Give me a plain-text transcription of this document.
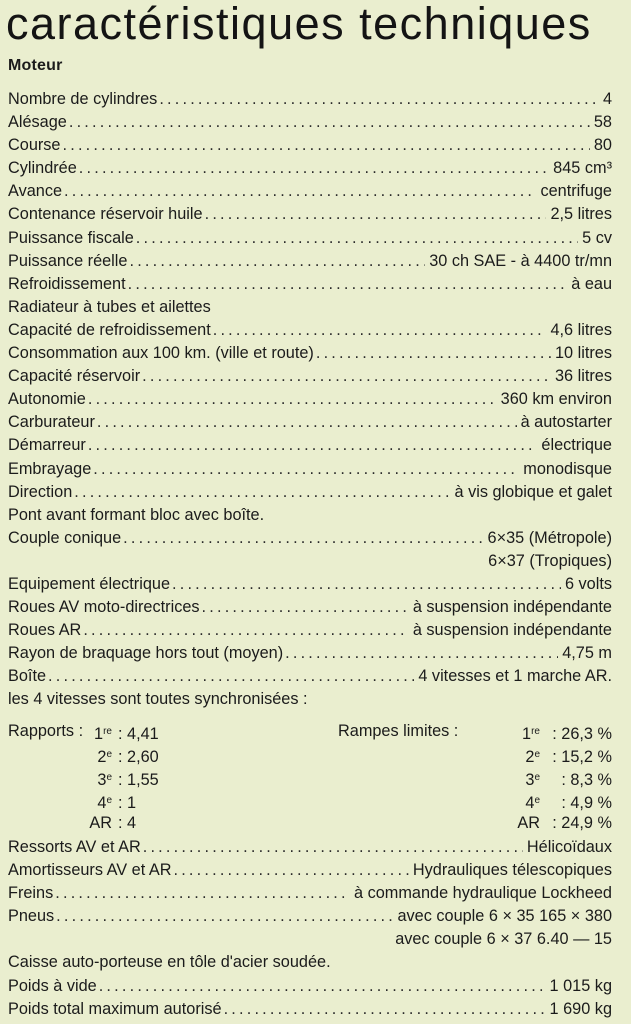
caractéristiques techniques
Moteur
Nombre de cylindres .....	4
Alésage .....	58
Course .....	80
Cylindrée .....	845 cm³
Avance .....	centrifuge
Contenance réservoir huile .....	2,5 litres
Puissance fiscale .....	5 cv
Puissance réelle .....	30 ch SAE - à 4400 tr/mn
Refroidissement .....	à eau
Radiateur à tubes et ailettes
Capacité de refroidissement .....	4,6 litres
Consommation aux 100 km. (ville et route) .....	10 litres
Capacité réservoir .....	36 litres
Autonomie .....	360 km environ
Carburateur .....	à autostarter
Démarreur .....	électrique
Embrayage .....	monodisque
Direction .....	à vis globique et galet
Pont avant formant bloc avec boîte.
Couple conique .....	6×35 (Métropole)
6×37 (Tropiques)
Equipement électrique .....	6 volts
Roues AV moto-directrices .....	à suspension indépendante
Roues AR .....	à suspension indépendante
Rayon de braquage hors tout (moyen) .....	4,75 m
Boîte .....	4 vitesses et 1 marche AR.
les 4 vitesses sont toutes synchronisées :
Rapports :	Rampes limites :
1re : 4,41	1re : 26,3 %
2e : 2,60	2e : 15,2 %
3e : 1,55	3e : 8,3 %
4e : 1	4e : 4,9 %
AR : 4	AR : 24,9 %
Ressorts AV et AR .....	Hélicoïdaux
Amortisseurs AV et AR .....	Hydrauliques télescopiques
Freins .....	à commande hydraulique Lockheed
Pneus .....	avec couple 6 × 35 165 × 380
avec couple 6 × 37 6.40 — 15
Caisse auto-porteuse en tôle d'acier soudée.
Poids à vide .....	1 015 kg
Poids total maximum autorisé .....	1 690 kg
